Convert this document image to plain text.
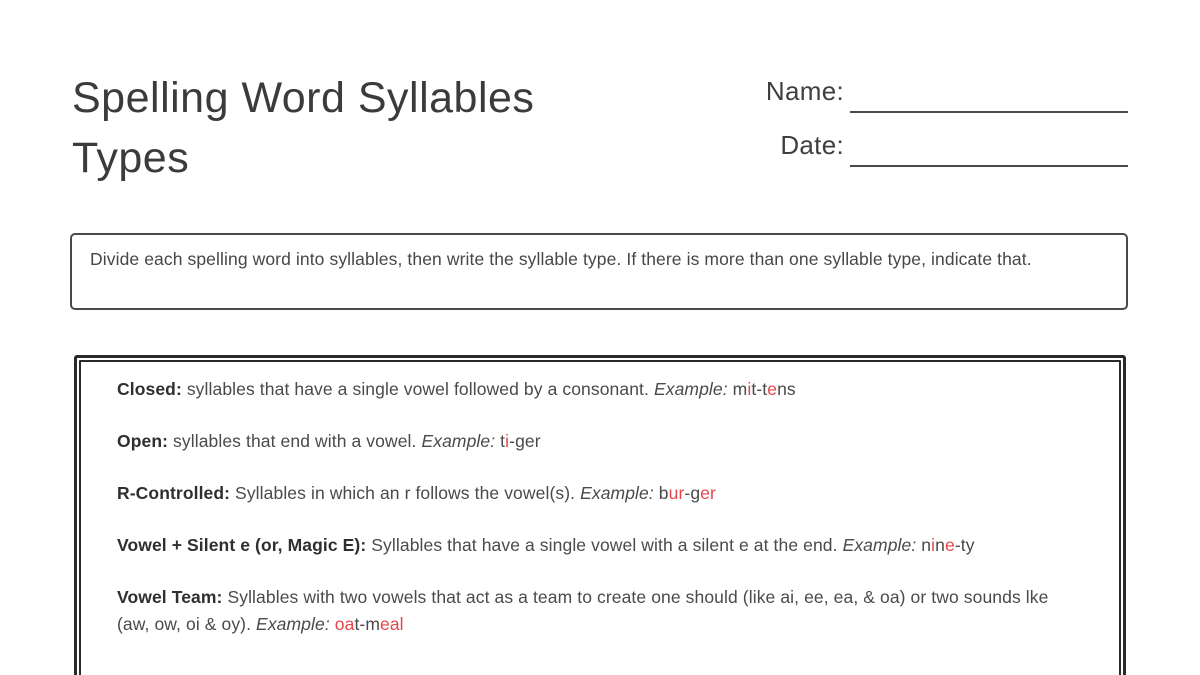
Spelling Word Syllables
Types
Name:
Date:

Divide each spelling word into syllables, then write the syllable type. If there is more than one syllable type, indicate that.

Closed: syllables that have a single vowel followed by a consonant. Example: mit-tens

Open: syllables that end with a vowel. Example: ti-ger

R-Controlled: Syllables in which an r follows the vowel(s). Example: bur-ger

Vowel + Silent e (or, Magic E): Syllables that have a single vowel with a silent e at the end. Example: nine-ty

Vowel Team: Syllables with two vowels that act as a team to create one should (like ai, ee, ea, & oa) or two sounds lke (aw, ow, oi & oy). Example: oat-meal
